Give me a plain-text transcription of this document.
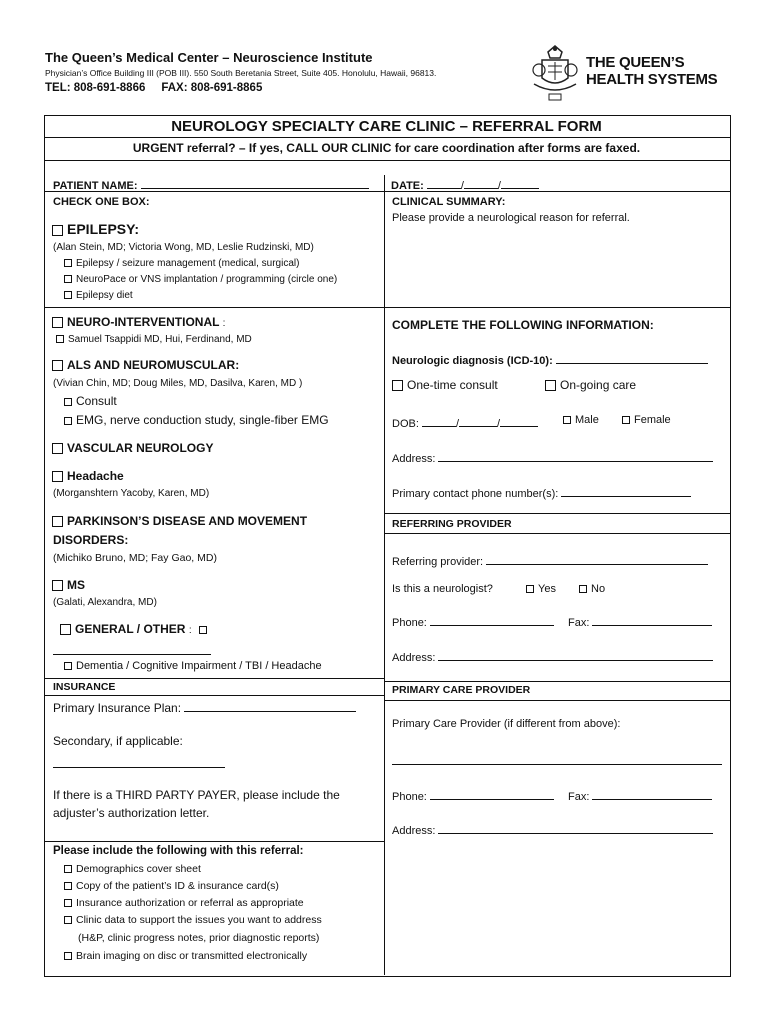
The Queen’s Medical Center – Neuroscience Institute
Physician’s Office Building III (POB III). 550 South Beretania Street, Suite 405. Honolulu, Hawaii, 96813.
TEL: 808-691-8866     FAX: 808-691-8865
THE QUEEN’S
HEALTH SYSTEMS
NEUROLOGY SPECIALTY CARE CLINIC – REFERRAL FORM
URGENT referral? – If yes, CALL OUR CLINIC for care coordination after forms are faxed.
PATIENT NAME:	DATE:	/	/
CHECK ONE BOX:	CLINICAL SUMMARY:
Please provide a neurological reason for referral.
EPILEPSY:
(Alan Stein, MD; Victoria Wong, MD, Leslie Rudzinski, MD)
Epilepsy / seizure management (medical, surgical)
NeuroPace or VNS implantation / programming (circle one)
Epilepsy diet
NEURO-INTERVENTIONAL :
Samuel Tsappidi MD, Hui, Ferdinand, MD
ALS AND NEUROMUSCULAR:
(Vivian Chin, MD; Doug Miles, MD, Dasilva, Karen, MD )
Consult
EMG, nerve conduction study, single-fiber EMG
VASCULAR NEUROLOGY
Headache
(Morganshtern Yacoby, Karen, MD)
PARKINSON’S DISEASE AND MOVEMENT
DISORDERS:
(Michiko Bruno, MD; Fay Gao, MD)
MS
(Galati, Alexandra, MD)
GENERAL / OTHER :
Dementia / Cognitive Impairment / TBI / Headache
INSURANCE
Primary Insurance Plan:
Secondary, if applicable:
If there is a THIRD PARTY PAYER, please include the
adjuster’s authorization letter.
Please include the following with this referral:
Demographics cover sheet
Copy of the patient’s ID & insurance card(s)
Insurance authorization or referral as appropriate
Clinic data to support the issues you want to address
(H&P, clinic progress notes, prior diagnostic reports)
Brain imaging on disc or transmitted electronically
COMPLETE THE FOLLOWING INFORMATION:
Neurologic diagnosis (ICD-10):
One-time consult	On-going care
DOB:	/	/	Male	Female
Address:
Primary contact phone number(s):
REFERRING PROVIDER
Referring provider:
Is this a neurologist?	Yes	No
Phone:	Fax:
Address:
PRIMARY CARE PROVIDER
Primary Care Provider (if different from above):
Phone:	Fax:
Address:
